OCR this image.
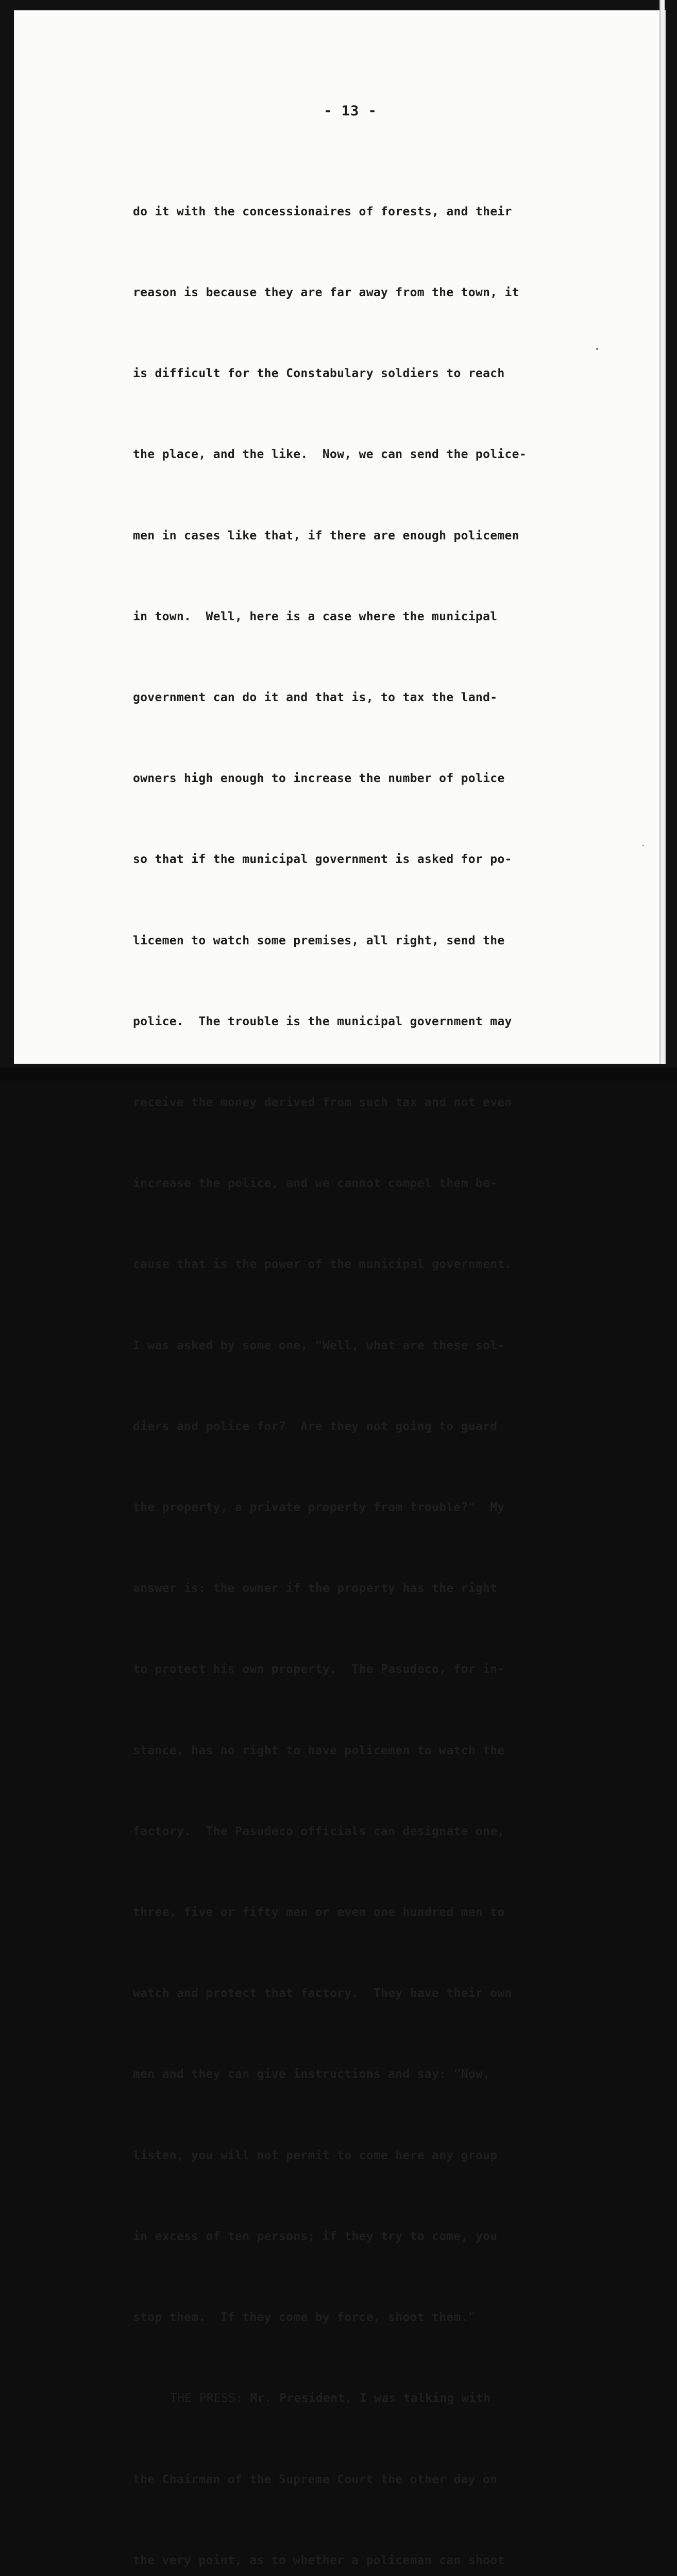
- 13 -

do it with the concessionaires of forests, and their

reason is because they are far away from the town, it

is difficult for the Constabulary soldiers to reach

the place, and the like.  Now, we can send the police-

men in cases like that, if there are enough policemen

in town.  Well, here is a case where the municipal

government can do it and that is, to tax the land-

owners high enough to increase the number of police

so that if the municipal government is asked for po-

licemen to watch some premises, all right, send the

police.  The trouble is the municipal government may

receive the money derived from such tax and not even

increase the police, and we cannot compel them be-

cause that is the power of the municipal government.

I was asked by some one, "Well, what are these sol-

diers and police for?  Are they not going to guard

the property, a private property from trouble?"  My

answer is: the owner if the property has the right

to protect his own property.  The Pasudeco, for in-

stance, has no right to have policemen to watch the

factory.  The Pasudeco officials can designate one,

three, five or fifty men or even one hundred men to

watch and protect that factory.  They have their own

men and they can give instructions and say: "Now,

listen, you will not permit to come here any group

in excess of ten persons; if they try to come, you

stop them.  If they come by force, shoot them."

THE PRESS: Mr. President, I was talking with

the Chairman of the Supreme Court the other day on

the very point, as to whether a policeman can shoot
